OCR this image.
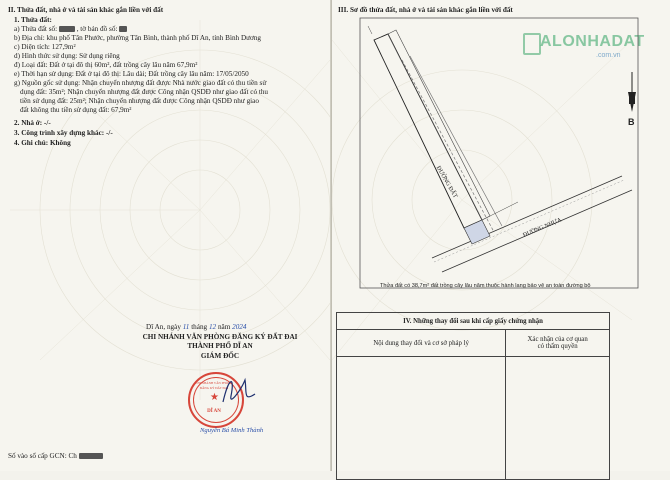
II. Thửa đất, nhà ở và tài sản khác gắn liền với đất
1. Thửa đất:
a) Thửa đất số:	, tờ bản đồ số:
b) Địa chỉ: khu phố Tân Phước, phường Tân Bình, thành phố Dĩ An, tỉnh Bình Dương
c) Diện tích: 127,9m²
d) Hình thức sử dụng: Sử dụng riêng
đ) Loại đất: Đất ở tại đô thị 60m², đất trồng cây lâu năm 67,9m²
e) Thời hạn sử dụng: Đất ở tại đô thị: Lâu dài; Đất trồng cây lâu năm: 17/05/2050
g) Nguồn gốc sử dụng: Nhận chuyển nhượng đất được Nhà nước giao đất có thu tiền sử
dụng đất: 35m²; Nhận chuyển nhượng đất được Công nhận QSDĐ như giao đất có thu
tiền sử dụng đất: 25m²; Nhận chuyển nhượng đất được Công nhận QSDĐ như giao
đất không thu tiền sử dụng đất: 67,9m²
2. Nhà ở: -/-
3. Công trình xây dựng khác: -/-
4. Ghi chú: Không
Dĩ An, ngày 11 tháng 12 năm 2024
CHI NHÁNH VĂN PHÒNG ĐĂNG KÝ ĐẤT ĐAI
THÀNH PHỐ DĨ AN
GIÁM ĐỐC
CHI NHÁNH VĂN PHÒNG
ĐĂNG KÝ ĐẤT ĐAI
★
DĨ AN
Nguyễn Bá Minh Thành
Số vào sổ cấp GCN: Ch
III. Sơ đồ thửa đất, nhà ở và tài sản khác gắn liền với đất
ALONHADAT
.com.vn
ĐƯỜNG ĐẤT
ĐƯỜNG NHỰA
B
Thửa đất có 38,7m² đất trồng cây lâu năm thuộc hành lang bảo vệ an toàn đường bộ
IV. Những thay đổi sau khi cấp giấy chứng nhận	
Nội dung thay đổi và cơ sở pháp lý	Xác nhận của cơ quan
có thẩm quyền
